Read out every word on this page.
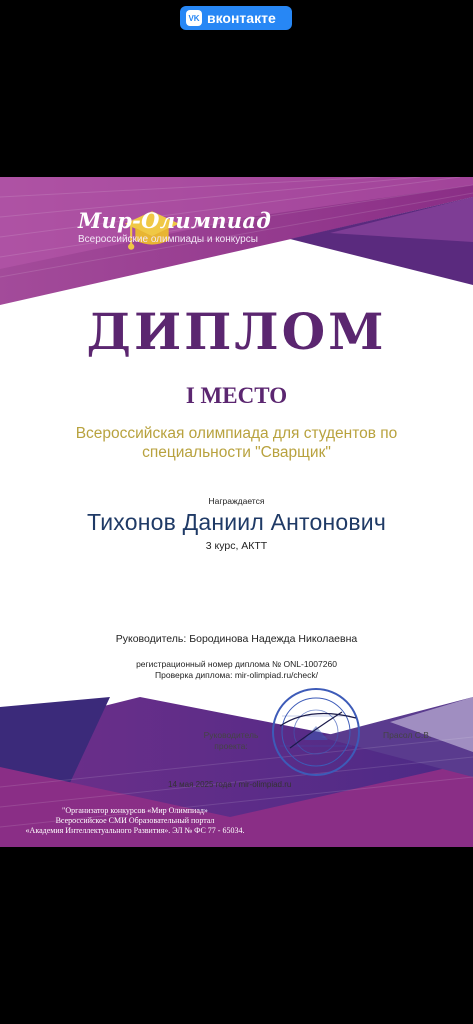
VK вконтакте
Мир-Олимпиад
Всероссийские олимпиады и конкурсы
ДИПЛОМ
I МЕСТО
Всероссийская олимпиада для студентов по
специальности "Сварщик"
Награждается
Тихонов Даниил Антонович
3 курс, АКТТ
Руководитель: Бородинова Надежда Николаевна
регистрационный номер диплома № ONL-1007260
Проверка диплома: mir-olimpiad.ru/check/
Руководитель
проекта:
Прасол С.В.
14 мая 2025 года / mir-olimpiad.ru
"Организатор конкурсов «Мир Олимпиад»
Всероссийское СМИ Образовательный портал
«Академия Интеллектуального Развития». ЭЛ № ФС 77 - 65034.
